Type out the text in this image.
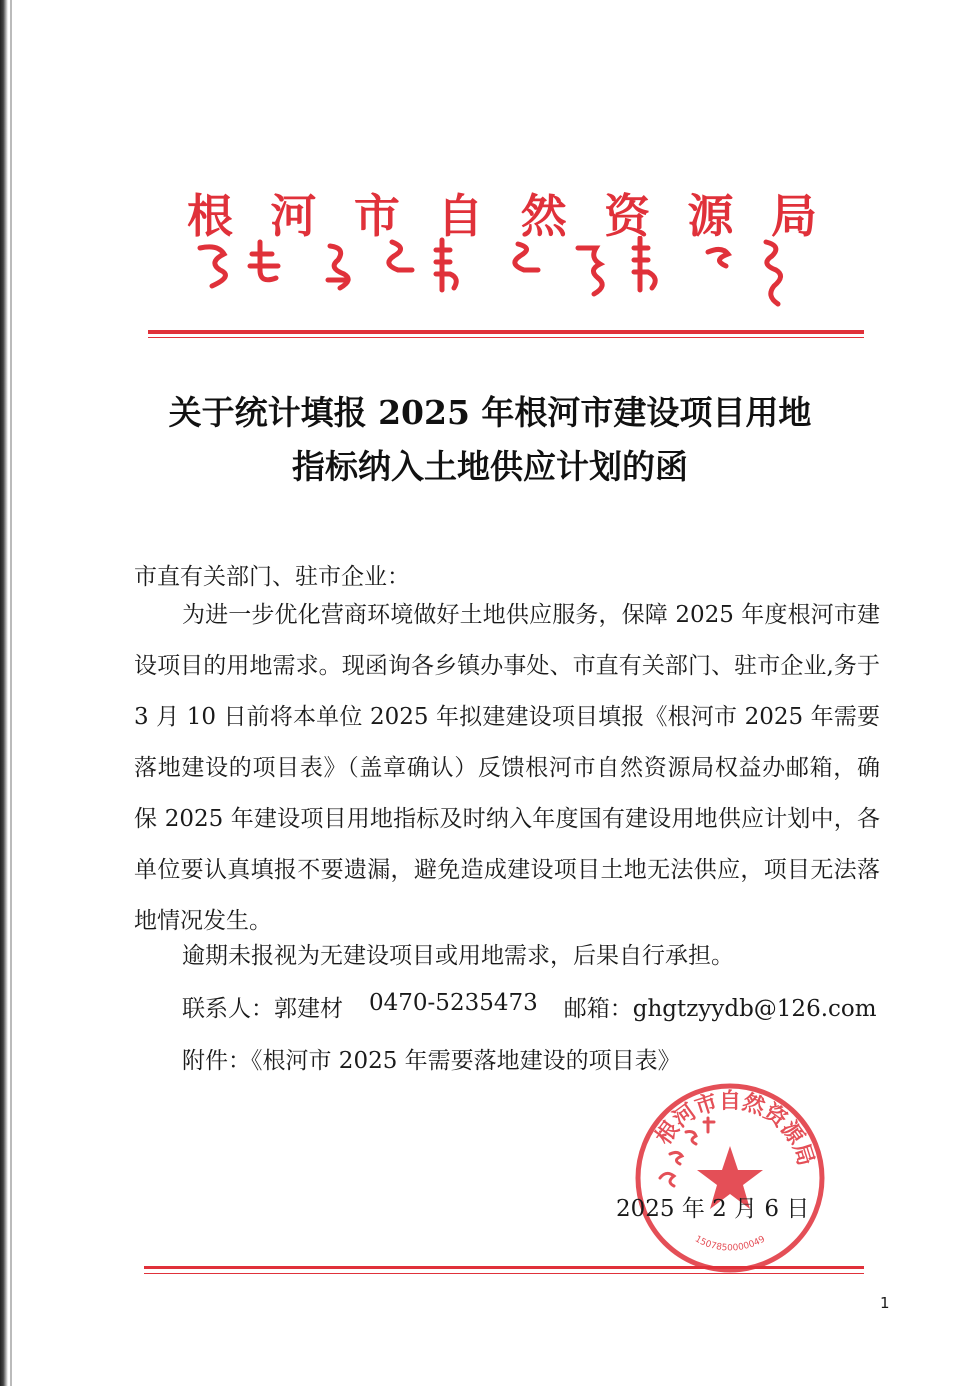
根 河 市 自 然 资 源 局
关于统计填报 2025 年根河市建设项目用地
指标纳入土地供应计划的函
市直有关部门、驻市企业：
为进一步优化营商环境做好土地供应服务，保障 2025 年度根河市建设项目的用地需求。现函询各乡镇办事处、市直有关部门、驻市企业,务于 3 月 10 日前将本单位 2025 年拟建建设项目填报《根河市 2025 年需要落地建设的项目表》（盖章确认）反馈根河市自然资源局权益办邮箱，确保 2025 年建设项目用地指标及时纳入年度国有建设用地供应计划中，各单位要认真填报不要遗漏，避免造成建设项目土地无法供应，项目无法落地情况发生。
逾期未报视为无建设项目或用地需求，后果自行承担。
联系人：郭建材 0470-5235473 邮箱：ghgtzyydb@126.com
附件：《根河市 2025 年需要落地建设的项目表》
根河市自然资源局
1507850000049
2025 年 2 月 6 日
1
